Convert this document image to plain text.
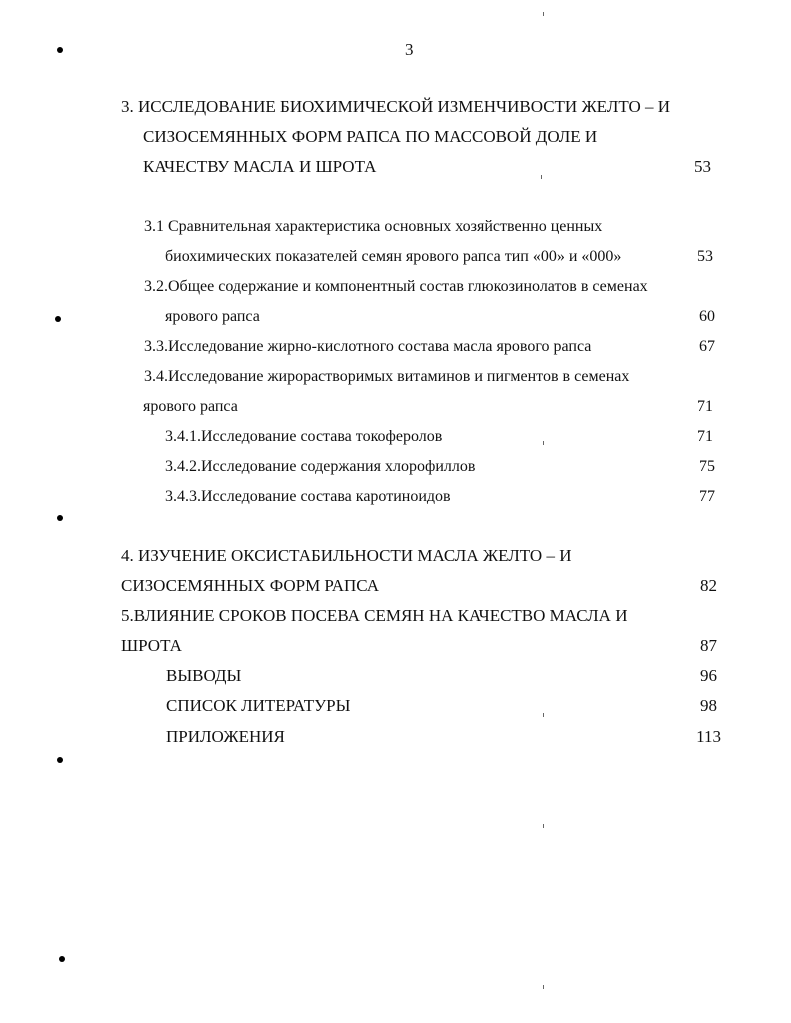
3
3. ИССЛЕДОВАНИЕ БИОХИМИЧЕСКОЙ ИЗМЕНЧИВОСТИ ЖЕЛТО – И
СИЗОСЕМЯННЫХ ФОРМ РАПСА ПО МАССОВОЙ ДОЛЕ И
КАЧЕСТВУ МАСЛА И ШРОТА	53
3.1 Сравнительная характеристика основных хозяйственно ценных
биохимических показателей семян ярового рапса тип «00» и «000»	53
3.2.Общее содержание и компонентный состав глюкозинолатов в семенах
ярового рапса	60
3.3.Исследование жирно-кислотного состава масла ярового рапса	67
3.4.Исследование жирорастворимых витаминов и пигментов в семенах
ярового рапса	71
3.4.1.Исследование состава токоферолов	71
3.4.2.Исследование содержания хлорофиллов	75
3.4.3.Исследование состава каротиноидов	77
4. ИЗУЧЕНИЕ ОКСИСТАБИЛЬНОСТИ МАСЛА ЖЕЛТО – И
СИЗОСЕМЯННЫХ ФОРМ РАПСА	82
5.ВЛИЯНИЕ СРОКОВ ПОСЕВА СЕМЯН НА КАЧЕСТВО МАСЛА И
ШРОТА	87
ВЫВОДЫ	96
СПИСОК ЛИТЕРАТУРЫ	98
ПРИЛОЖЕНИЯ	113
